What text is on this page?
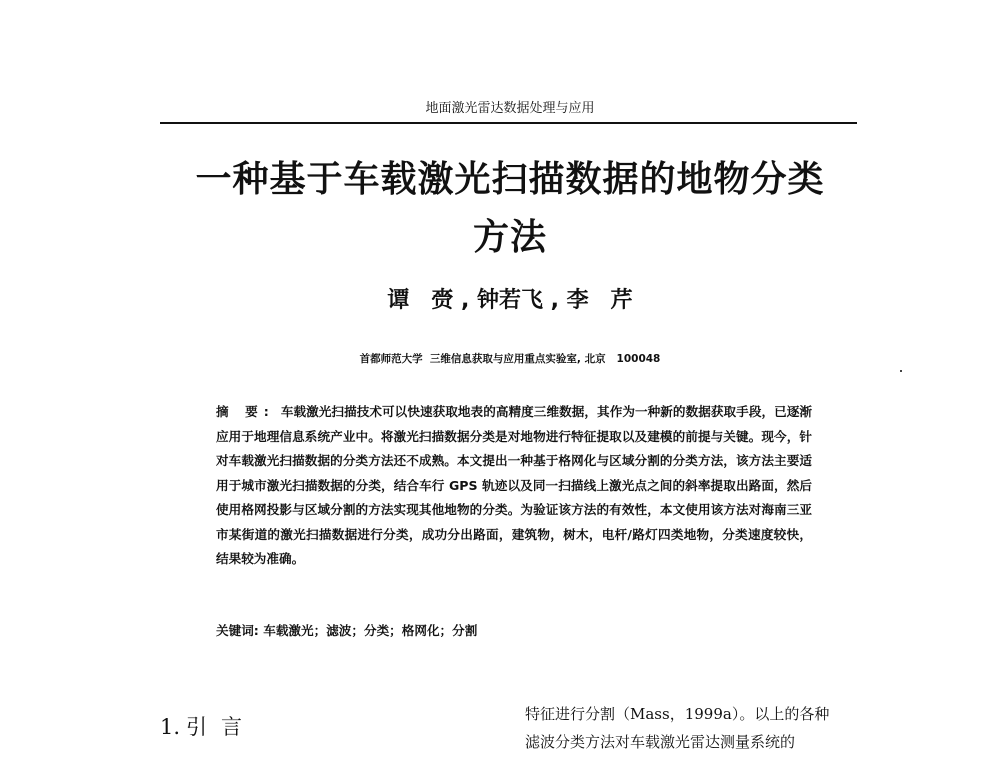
地面激光雷达数据处理与应用
一种基于车载激光扫描数据的地物分类
方法
谭　赍 , 钟若飞 , 李　芹
首都师范大学  三维信息获取与应用重点实验室, 北京   100048
摘 要: 车载激光扫描技术可以快速获取地表的高精度三维数据，其作为一种新的数据获取手段，已逐渐应用于地理信息系统产业中。将激光扫描数据分类是对地物进行特征提取以及建模的前提与关键。现今，针对车载激光扫描数据的分类方法还不成熟。本文提出一种基于格网化与区域分割的分类方法，该方法主要适用于城市激光扫描数据的分类，结合车行 GPS 轨迹以及同一扫描线上激光点之间的斜率提取出路面，然后使用格网投影与区域分割的方法实现其他地物的分类。为验证该方法的有效性，本文使用该方法对海南三亚市某街道的激光扫描数据进行分类，成功分出路面，建筑物，树木，电杆/路灯四类地物，分类速度较快，结果较为准确。
关键词: 车载激光；滤波；分类；格网化；分割
1. 引言
特征进行分割（Mass，1999a）。以上的各种
滤波分类方法对车载激光雷达测量系统的
